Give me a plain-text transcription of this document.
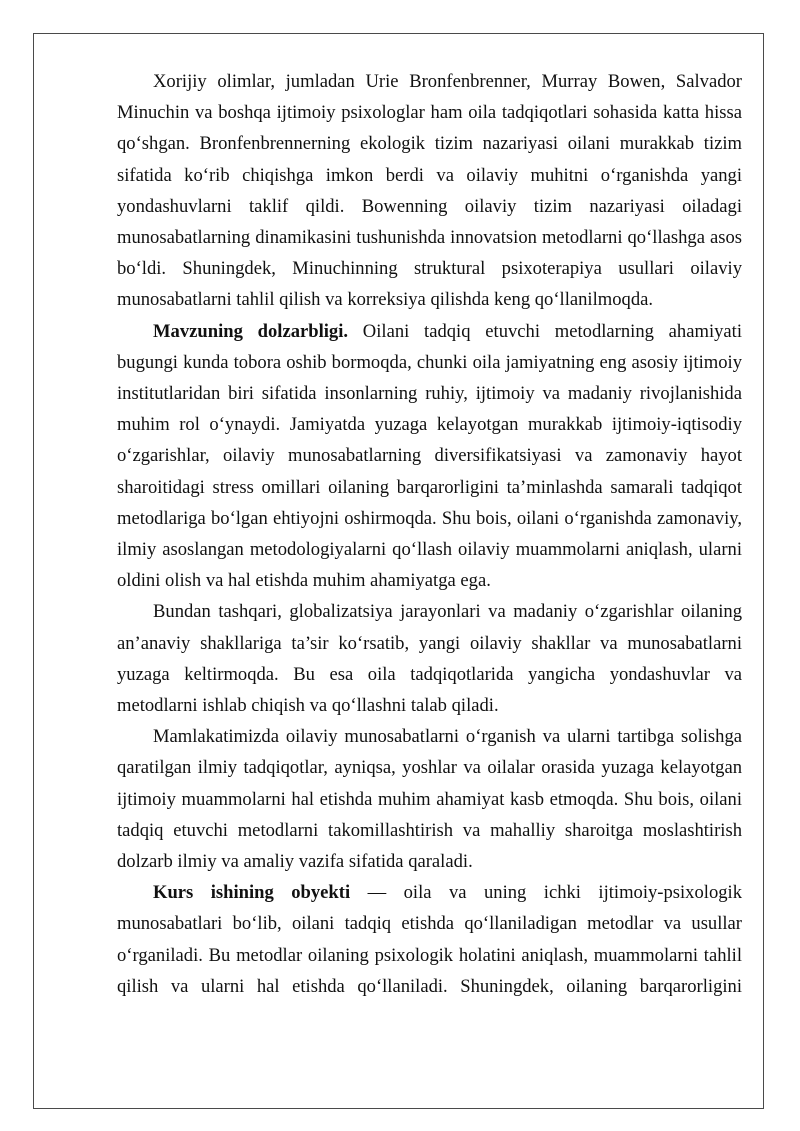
Xorijiy olimlar, jumladan Urie Bronfenbrenner, Murray Bowen, Salvador Minuchin va boshqa ijtimoiy psixologlar ham oila tadqiqotlari sohasida katta hissa qo‘shgan. Bronfenbrennerning ekologik tizim nazariyasi oilani murakkab tizim sifatida ko‘rib chiqishga imkon berdi va oilaviy muhitni o‘rganishda yangi yondashuvlarni taklif qildi. Bowenning oilaviy tizim nazariyasi oiladagi munosabatlarning dinamikasini tushunishda innovatsion metodlarni qo‘llashga asos bo‘ldi. Shuningdek, Minuchinning struktural psixoterapiya usullari oilaviy munosabatlarni tahlil qilish va korreksiya qilishda keng qo‘llanilmoqda.

Mavzuning dolzarbligi. Oilani tadqiq etuvchi metodlarning ahamiyati bugungi kunda tobora oshib bormoqda, chunki oila jamiyatning eng asosiy ijtimoiy institutlaridan biri sifatida insonlarning ruhiy, ijtimoiy va madaniy rivojlanishida muhim rol o‘ynaydi. Jamiyatda yuzaga kelayotgan murakkab ijtimoiy-iqtisodiy o‘zgarishlar, oilaviy munosabatlarning diversifikatsiyasi va zamonaviy hayot sharoitidagi stress omillari oilaning barqarorligini ta’minlashda samarali tadqiqot metodlariga bo‘lgan ehtiyojni oshirmoqda. Shu bois, oilani o‘rganishda zamonaviy, ilmiy asoslangan metodologiyalarni qo‘llash oilaviy muammolarni aniqlash, ularni oldini olish va hal etishda muhim ahamiyatga ega.

Bundan tashqari, globalizatsiya jarayonlari va madaniy o‘zgarishlar oilaning an’anaviy shakllariga ta’sir ko‘rsatib, yangi oilaviy shakllar va munosabatlarni yuzaga keltirmoqda. Bu esa oila tadqiqotlarida yangicha yondashuvlar va metodlarni ishlab chiqish va qo‘llashni talab qiladi.

Mamlakatimizda oilaviy munosabatlarni o‘rganish va ularni tartibga solishga qaratilgan ilmiy tadqiqotlar, ayniqsa, yoshlar va oilalar orasida yuzaga kelayotgan ijtimoiy muammolarni hal etishda muhim ahamiyat kasb etmoqda. Shu bois, oilani tadqiq etuvchi metodlarni takomillashtirish va mahalliy sharoitga moslashtirish dolzarb ilmiy va amaliy vazifa sifatida qaraladi.

Kurs ishining obyekti — oila va uning ichki ijtimoiy-psixologik munosabatlari bo‘lib, oilani tadqiq etishda qo‘llaniladigan metodlar va usullar o‘rganiladi. Bu metodlar oilaning psixologik holatini aniqlash, muammolarni tahlil qilish va ularni hal etishda qo‘llaniladi. Shuningdek, oilaning barqarorligini
